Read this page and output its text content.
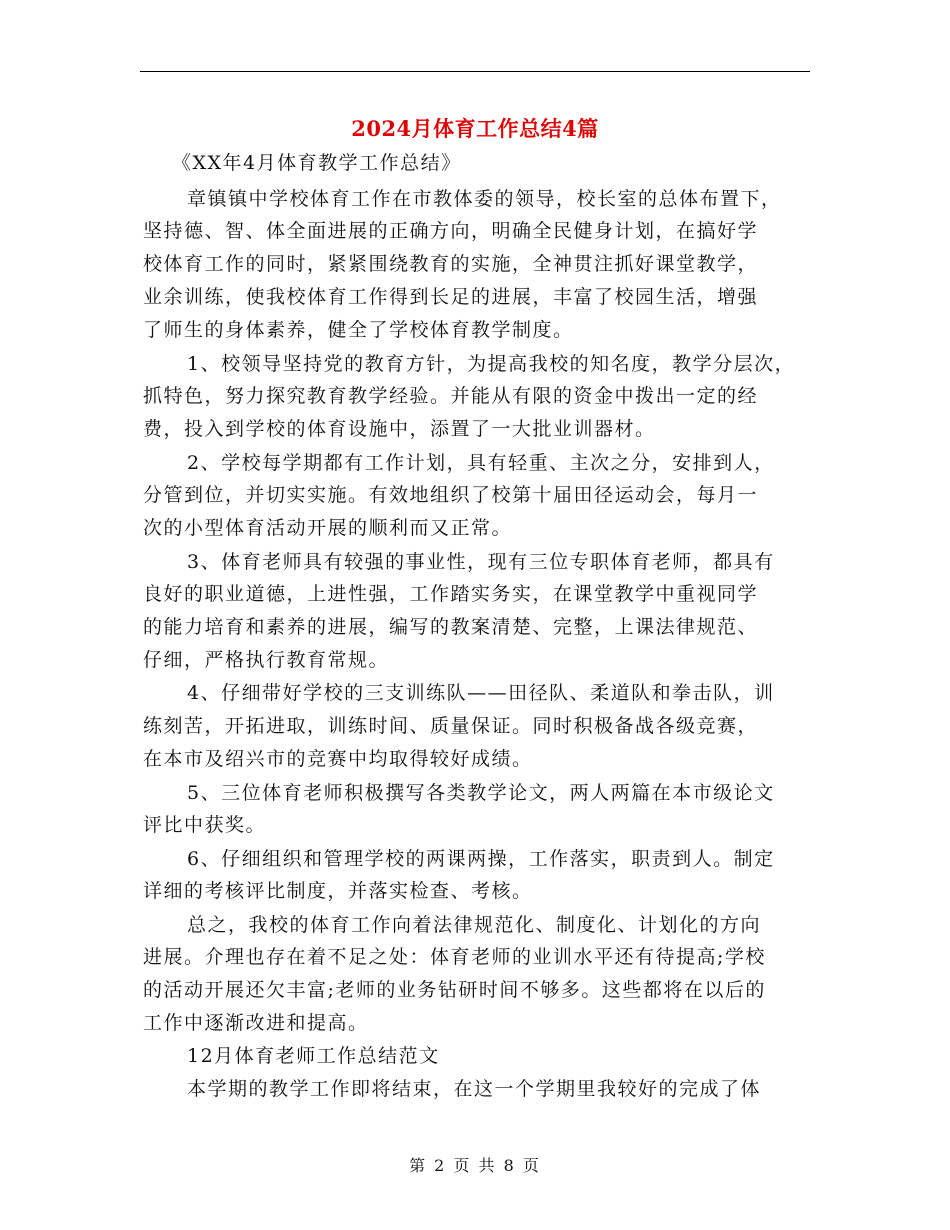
2024月体育工作总结4篇
《XX年4月体育教学工作总结》
章镇镇中学校体育工作在市教体委的领导，校长室的总体布置下，
坚持德、智、体全面进展的正确方向，明确全民健身计划，在搞好学
校体育工作的同时，紧紧围绕教育的实施，全神贯注抓好课堂教学，
业余训练，使我校体育工作得到长足的进展，丰富了校园生活，增强
了师生的身体素养，健全了学校体育教学制度。
1、校领导坚持党的教育方针，为提高我校的知名度，教学分层次，
抓特色，努力探究教育教学经验。并能从有限的资金中拨出一定的经
费，投入到学校的体育设施中，添置了一大批业训器材。
2、学校每学期都有工作计划，具有轻重、主次之分，安排到人，
分管到位，并切实实施。有效地组织了校第十届田径运动会，每月一
次的小型体育活动开展的顺利而又正常。
3、体育老师具有较强的事业性，现有三位专职体育老师，都具有
良好的职业道德，上进性强，工作踏实务实，在课堂教学中重视同学
的能力培育和素养的进展，编写的教案清楚、完整，上课法律规范、
仔细，严格执行教育常规。
4、仔细带好学校的三支训练队——田径队、柔道队和拳击队，训
练刻苦，开拓进取，训练时间、质量保证。同时积极备战各级竞赛，
在本市及绍兴市的竞赛中均取得较好成绩。
5、三位体育老师积极撰写各类教学论文，两人两篇在本市级论文
评比中获奖。
6、仔细组织和管理学校的两课两操，工作落实，职责到人。制定
详细的考核评比制度，并落实检查、考核。
总之，我校的体育工作向着法律规范化、制度化、计划化的方向
进展。介理也存在着不足之处：体育老师的业训水平还有待提高;学校
的活动开展还欠丰富;老师的业务钻研时间不够多。这些都将在以后的
工作中逐渐改进和提高。
12月体育老师工作总结范文
本学期的教学工作即将结束，在这一个学期里我较好的完成了体
第 2 页 共 8 页
